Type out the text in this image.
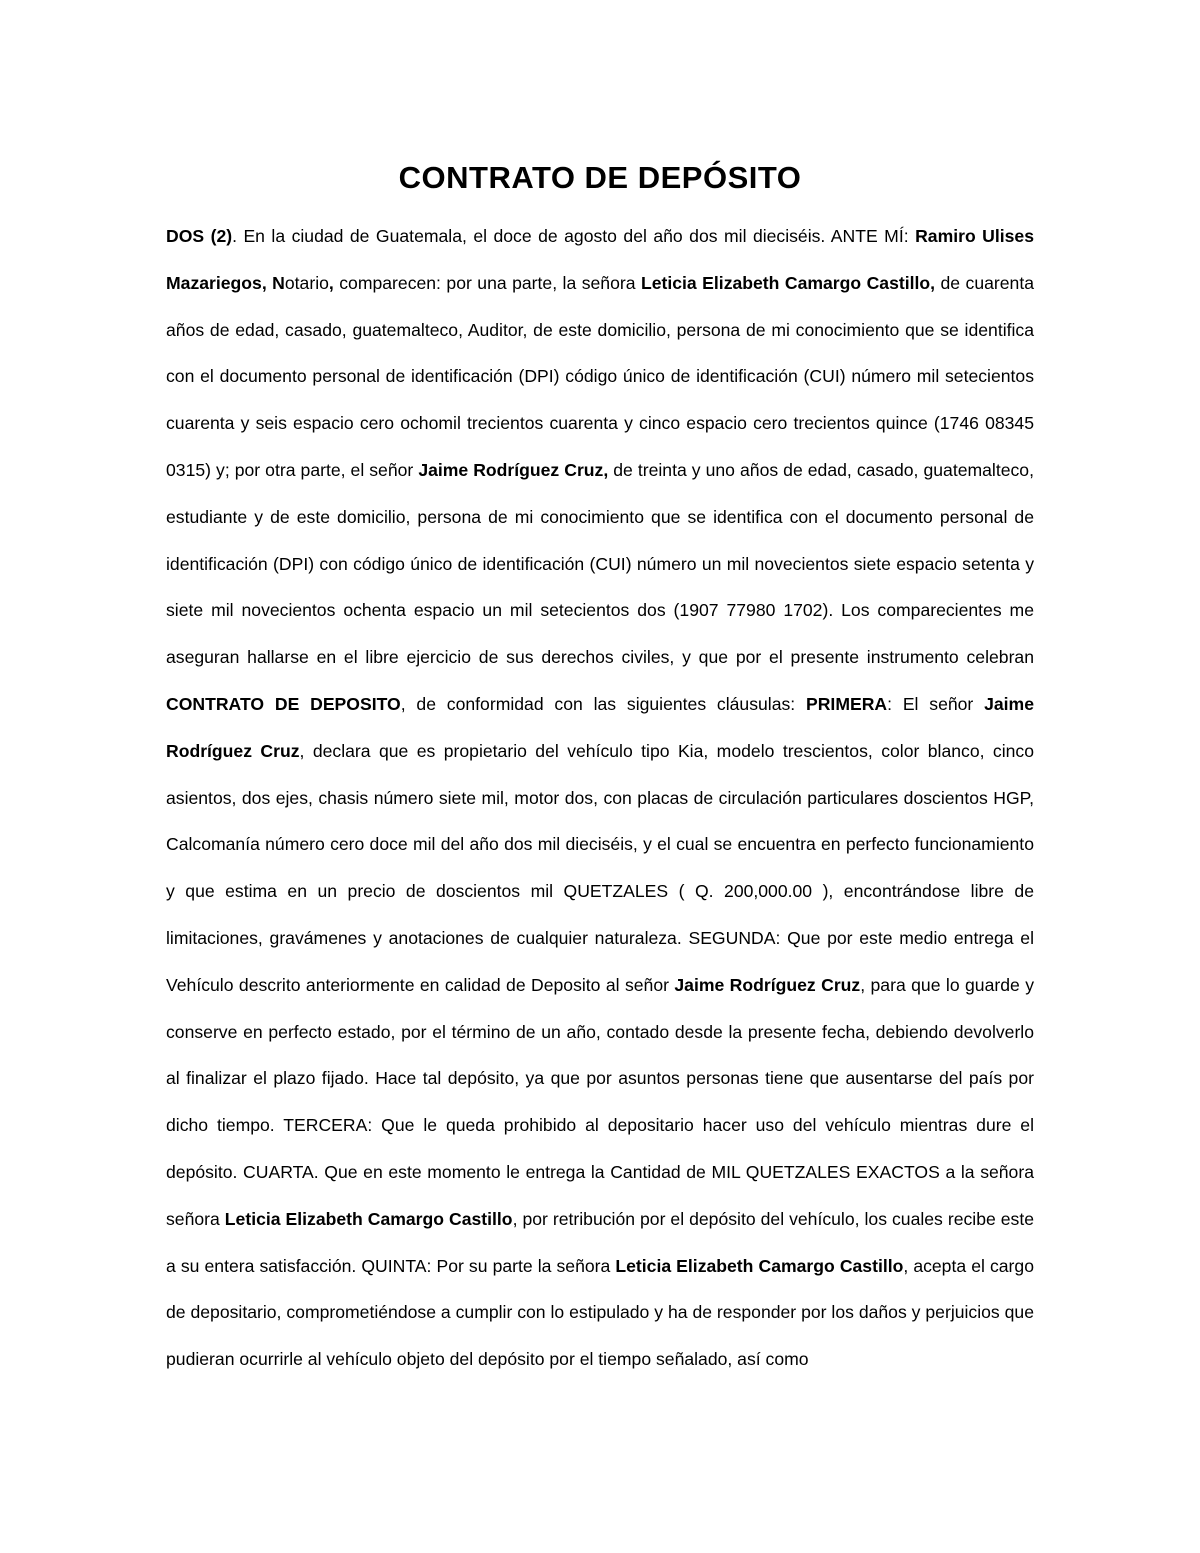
CONTRATO DE DEPÓSITO

DOS (2). En la ciudad de Guatemala, el doce de agosto del año dos mil dieciséis. ANTE MÍ: Ramiro Ulises Mazariegos, Notario, comparecen: por una parte, la señora Leticia Elizabeth Camargo Castillo, de cuarenta años de edad, casado, guatemalteco, Auditor, de este domicilio, persona de mi conocimiento que se identifica con el documento personal de identificación (DPI) código único de identificación (CUI) número mil setecientos cuarenta y seis espacio cero ochomil trecientos cuarenta y cinco espacio cero trecientos quince (1746 08345 0315) y; por otra parte, el señor Jaime Rodríguez Cruz, de treinta y uno años de edad, casado, guatemalteco, estudiante y de este domicilio, persona de mi conocimiento que se identifica con el documento personal de identificación (DPI) con código único de identificación (CUI) número un mil novecientos siete espacio setenta y siete mil novecientos ochenta espacio un mil setecientos dos (1907 77980 1702). Los comparecientes me aseguran hallarse en el libre ejercicio de sus derechos civiles, y que por el presente instrumento celebran CONTRATO DE DEPOSITO, de conformidad con las siguientes cláusulas: PRIMERA: El señor Jaime Rodríguez Cruz, declara que es propietario del vehículo tipo Kia, modelo trescientos, color blanco, cinco asientos, dos ejes, chasis número siete mil, motor dos, con placas de circulación particulares doscientos HGP, Calcomanía número cero doce mil del año dos mil dieciséis, y el cual se encuentra en perfecto funcionamiento y que estima en un precio de doscientos mil QUETZALES ( Q. 200,000.00 ), encontrándose libre de limitaciones, gravámenes y anotaciones de cualquier naturaleza. SEGUNDA: Que por este medio entrega el Vehículo descrito anteriormente en calidad de Deposito al señor Jaime Rodríguez Cruz, para que lo guarde y conserve en perfecto estado, por el término de un año, contado desde la presente fecha, debiendo devolverlo al finalizar el plazo fijado. Hace tal depósito, ya que por asuntos personas tiene que ausentarse del país por dicho tiempo. TERCERA: Que le queda prohibido al depositario hacer uso del vehículo mientras dure el depósito. CUARTA. Que en este momento le entrega la Cantidad de MIL QUETZALES EXACTOS a la señora señora Leticia Elizabeth Camargo Castillo, por retribución por el depósito del vehículo, los cuales recibe este a su entera satisfacción. QUINTA: Por su parte la señora Leticia Elizabeth Camargo Castillo, acepta el cargo de depositario, comprometiéndose a cumplir con lo estipulado y ha de responder por los daños y perjuicios que pudieran ocurrirle al vehículo objeto del depósito por el tiempo señalado, así como
